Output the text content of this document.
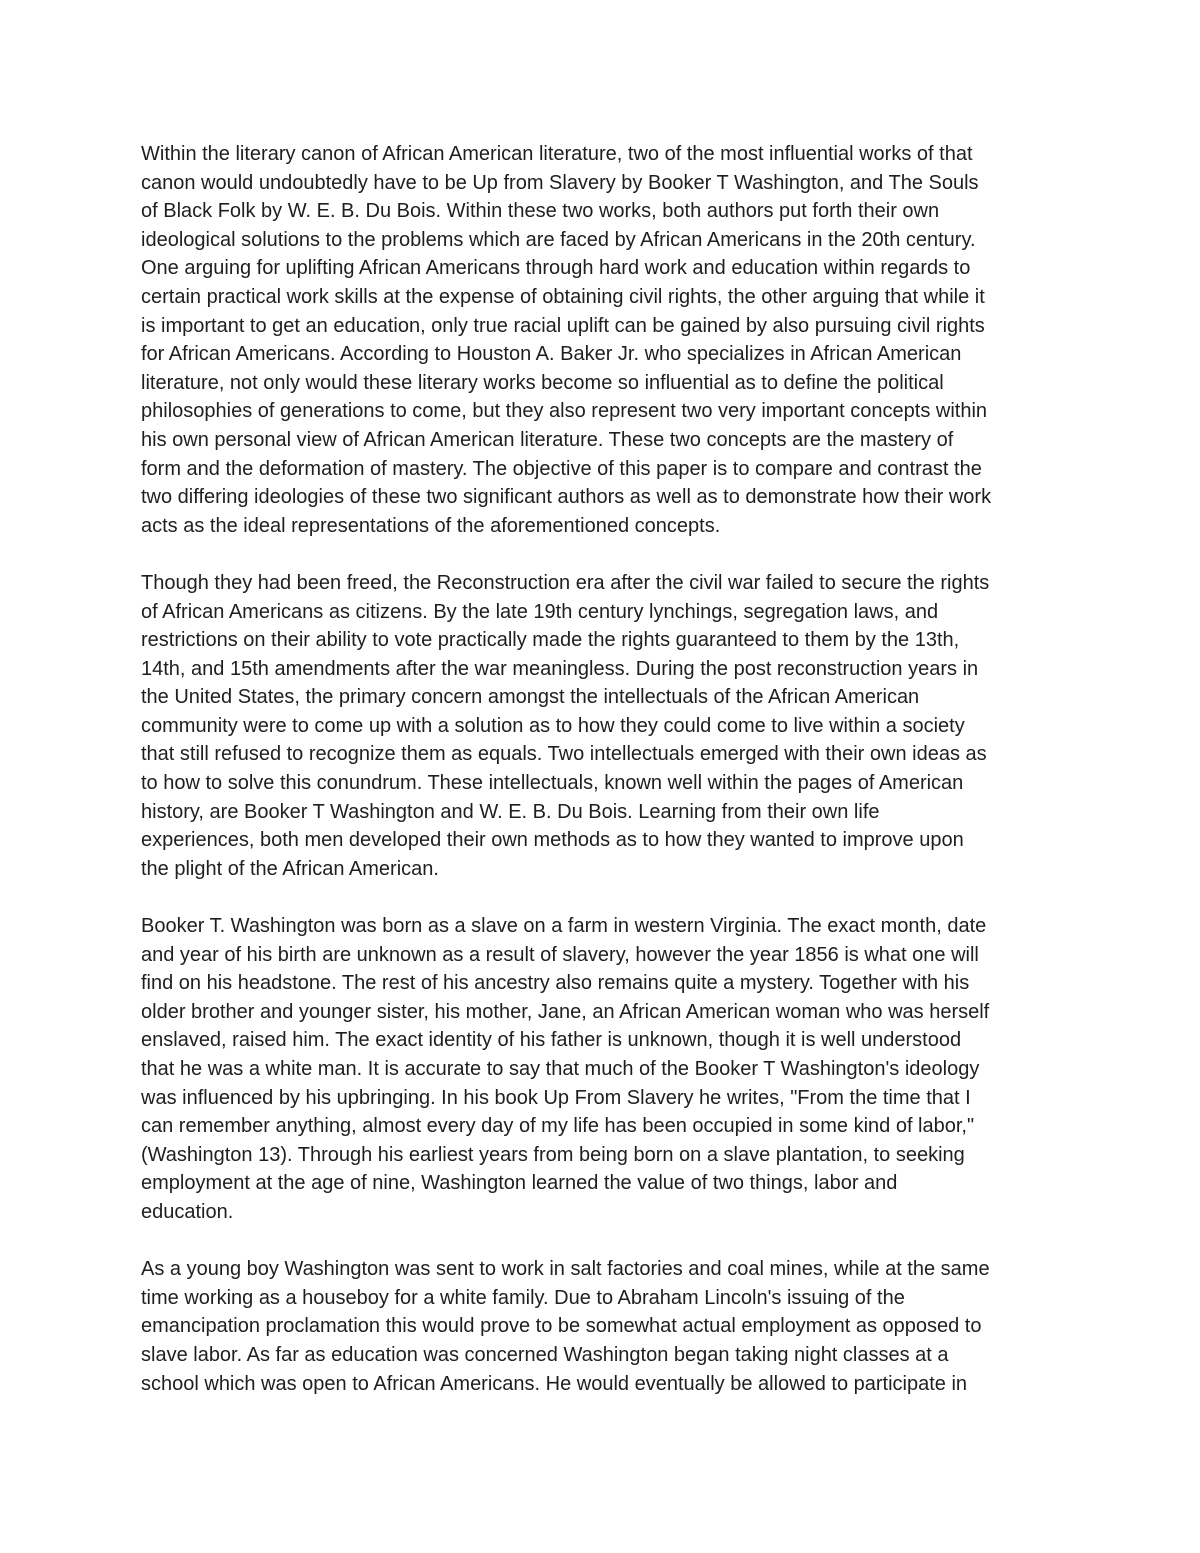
Within the literary canon of African American literature, two of the most influential works of that
canon would undoubtedly have to be Up from Slavery by Booker T Washington, and The Souls
of Black Folk by W. E. B. Du Bois. Within these two works, both authors put forth their own
ideological solutions to the problems which are faced by African Americans in the 20th century.
One arguing for uplifting African Americans through hard work and education within regards to
certain practical work skills at the expense of obtaining civil rights, the other arguing that while it
is important to get an education, only true racial uplift can be gained by also pursuing civil rights
for African Americans. According to Houston A. Baker Jr. who specializes in African American
literature, not only would these literary works become so influential as to define the political
philosophies of generations to come, but they also represent two very important concepts within
his own personal view of African American literature. These two concepts are the mastery of
form and the deformation of mastery. The objective of this paper is to compare and contrast the
two differing ideologies of these two significant authors as well as to demonstrate how their work
acts as the ideal representations of the aforementioned concepts.
Though they had been freed, the Reconstruction era after the civil war failed to secure the rights
of African Americans as citizens. By the late 19th century lynchings, segregation laws, and
restrictions on their ability to vote practically made the rights guaranteed to them by the 13th,
14th, and 15th amendments after the war meaningless. During the post reconstruction years in
the United States, the primary concern amongst the intellectuals of the African American
community were to come up with a solution as to how they could come to live within a society
that still refused to recognize them as equals. Two intellectuals emerged with their own ideas as
to how to solve this conundrum. These intellectuals, known well within the pages of American
history, are Booker T Washington and W. E. B. Du Bois. Learning from their own life
experiences, both men developed their own methods as to how they wanted to improve upon
the plight of the African American.
Booker T. Washington was born as a slave on a farm in western Virginia. The exact month, date
and year of his birth are unknown as a result of slavery, however the year 1856 is what one will
find on his headstone. The rest of his ancestry also remains quite a mystery. Together with his
older brother and younger sister, his mother, Jane, an African American woman who was herself
enslaved, raised him. The exact identity of his father is unknown, though it is well understood
that he was a white man. It is accurate to say that much of the Booker T Washington's ideology
was influenced by his upbringing. In his book Up From Slavery he writes, "From the time that I
can remember anything, almost every day of my life has been occupied in some kind of labor,"
(Washington 13). Through his earliest years from being born on a slave plantation, to seeking
employment at the age of nine, Washington learned the value of two things, labor and
education.
As a young boy Washington was sent to work in salt factories and coal mines, while at the same
time working as a houseboy for a white family. Due to Abraham Lincoln's issuing of the
emancipation proclamation this would prove to be somewhat actual employment as opposed to
slave labor. As far as education was concerned Washington began taking night classes at a
school which was open to African Americans. He would eventually be allowed to participate in
